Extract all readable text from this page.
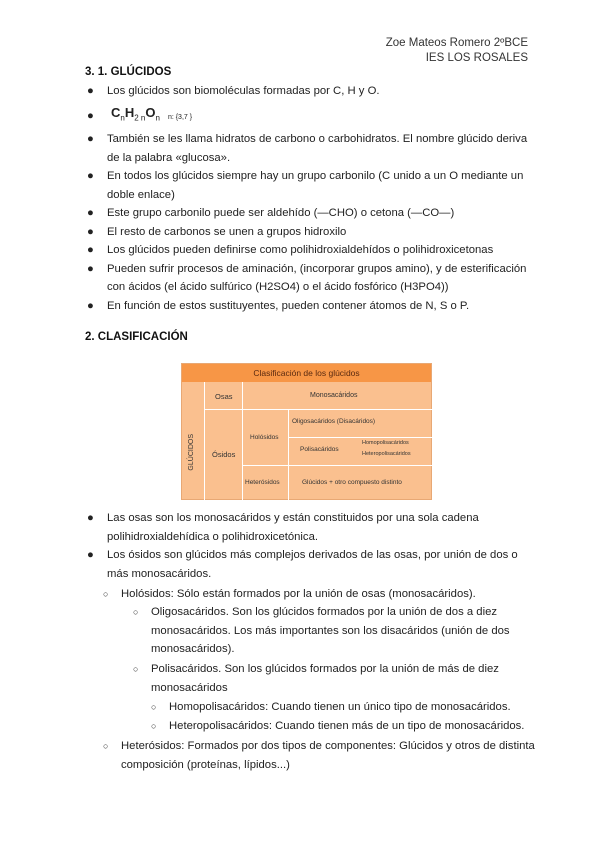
Zoe Mateos Romero 2ºBCE
IES LOS ROSALES
3. 1. GLÚCIDOS
● Los glúcidos son biomoléculas formadas por C, H y O.
● $C_nH_{2 n}O_n$ n: {3,7 }
● También se les llama hidratos de carbono o carbohidratos. El nombre glúcido deriva de la palabra «glucosa».
● En todos los glúcidos siempre hay un grupo carbonilo (C unido a un O mediante un doble enlace)
● Este grupo carbonilo puede ser aldehído (—CHO) o cetona (—CO—)
● El resto de carbonos se unen a grupos hidroxilo
● Los glúcidos pueden definirse como polihidroxialdehídos o polihidroxicetonas
● Pueden sufrir procesos de aminación, (incorporar grupos amino), y de esterificación con ácidos (el ácido sulfúrico (H2SO4) o el ácido fosfórico (H3PO4))
● En función de estos sustituyentes, pueden contener átomos de N, S o P.
2. CLASIFICACIÓN
Clasificación de los glúcidos
GLÚCIDOS
Osas	Monosacáridos
Ósidos
Holósidos
Oligosacáridos (Disacáridos)
Polisacáridos
Homopolisacáridos
Heteropolisacáridos
Heterósidos	Glúcidos + otro compuesto distinto
● Las osas son los monosacáridos y están constituidos por una sola cadena polihidroxialdehídica o polihidroxicetónica.
● Los ósidos son glúcidos más complejos derivados de las osas, por unión de dos o más monosacáridos.
○ Holósidos: Sólo están formados por la unión de osas (monosacáridos).
○ Oligosacáridos. Son los glúcidos formados por la unión de dos a diez
monosacáridos. Los más importantes son los disacáridos (unión de dos
monosacáridos).
○ Polisacáridos. Son los glúcidos formados por la unión de más de diez
monosacáridos
○ Homopolisacáridos: Cuando tienen un único tipo de monosacáridos.
○ Heteropolisacáridos: Cuando tienen más de un tipo de monosacáridos.
○ Heterósidos: Formados por dos tipos de componentes: Glúcidos y otros de distinta
composición (proteínas, lípidos...)
